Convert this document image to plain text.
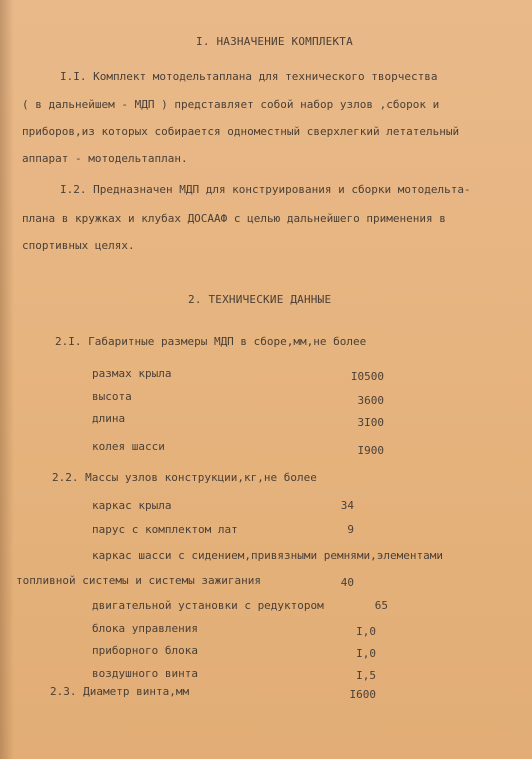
I. НАЗНАЧЕНИЕ КОМПЛЕКТА
I.I. Комплект мотодельтаплана для технического творчества
( в дальнейшем - МДП ) представляет собой набор узлов ,сборок и
приборов,из которых собирается одноместный сверхлегкий летательный
аппарат - мотодельтаплан.
I.2. Предназначен МДП для конструирования и сборки мотодельта-
плана в кружках и клубах ДОСААФ с целью дальнейшего применения в
спортивных целях.
2. ТЕХНИЧЕСКИЕ ДАННЫЕ
2.I. Габаритные размеры МДП в сборе,мм,не более
размах крыла	I0500
высота	3600
длина	3I00
колея шасси	I900
2.2. Массы узлов конструкции,кг,не более
каркас крыла	34
парус с комплектом лат	9
каркас шасси с сидением,привязными ремнями,элементами
топливной системы и системы зажигания	40
двигательной установки с редуктором	65
блока управления	I,0
приборного блока	I,0
воздушного винта	I,5
2.3. Диаметр винта,мм	I600
